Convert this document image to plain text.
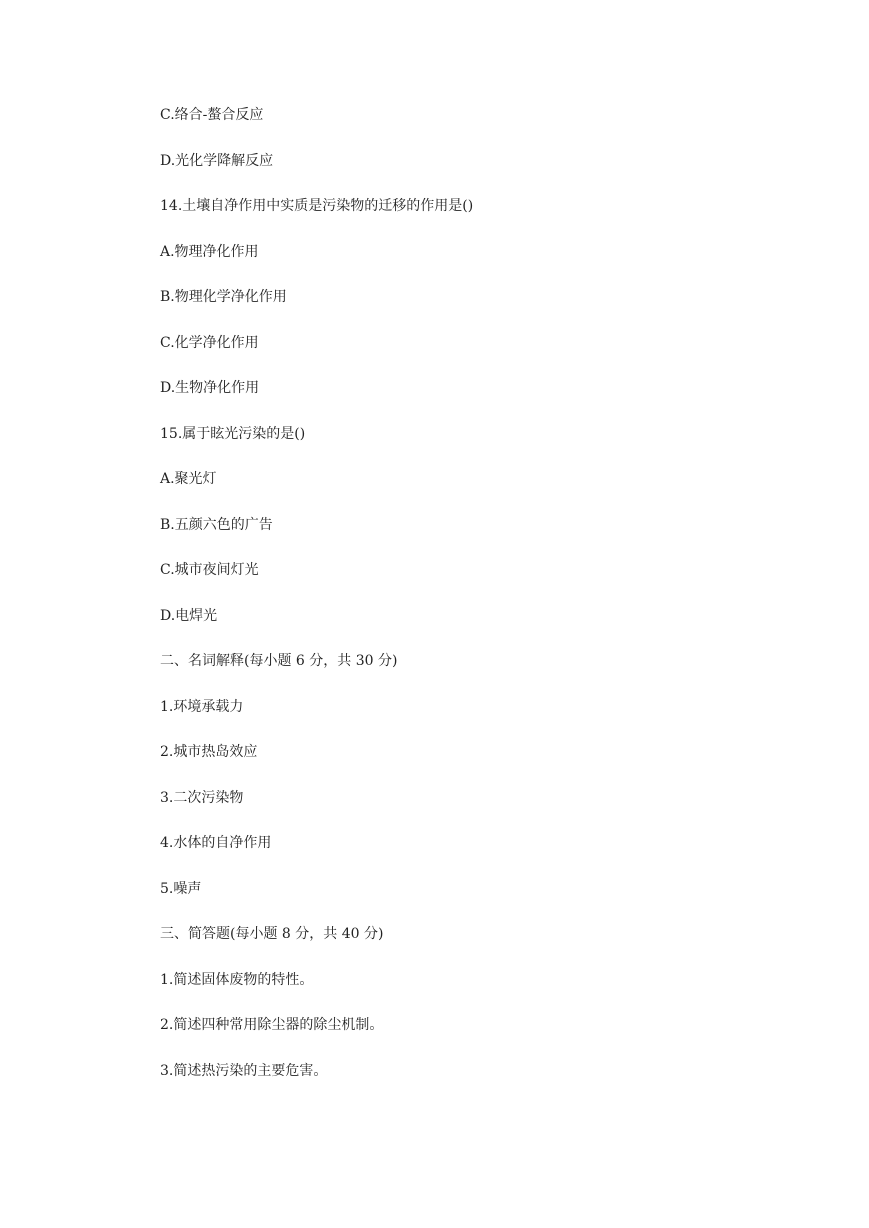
C.络合-螯合反应

D.光化学降解反应

14.土壤自净作用中实质是污染物的迁移的作用是()

A.物理净化作用

B.物理化学净化作用

C.化学净化作用

D.生物净化作用

15.属于眩光污染的是()

A.聚光灯

B.五颜六色的广告

C.城市夜间灯光

D.电焊光

二、名词解释(每小题 6 分，共 30 分)

1.环境承载力

2.城市热岛效应

3.二次污染物

4.水体的自净作用

5.噪声

三、简答题(每小题 8 分，共 40 分)

1.简述固体废物的特性。

2.简述四种常用除尘器的除尘机制。

3.简述热污染的主要危害。
